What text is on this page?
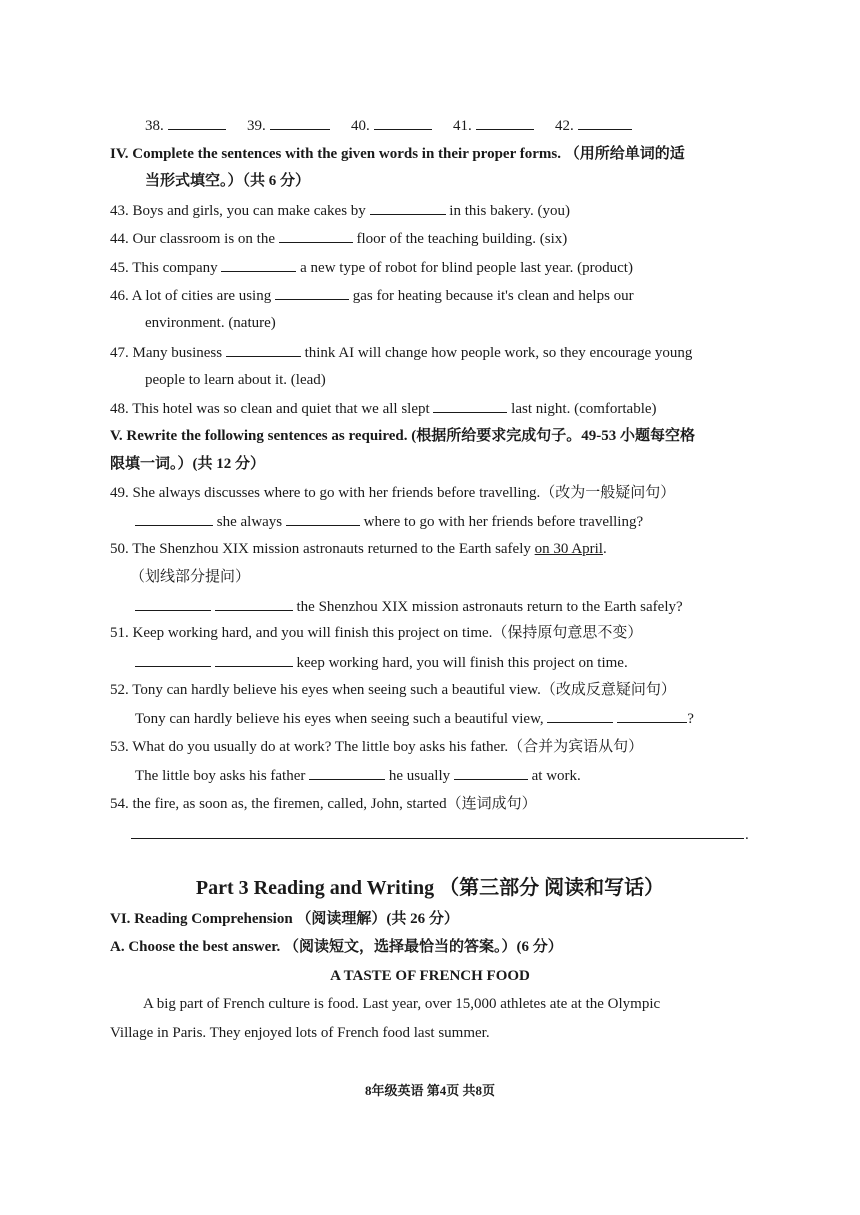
38.	39.	40.	41.	42.
IV. Complete the sentences with the given words in their proper forms. （用所给单词的适
当形式填空。）（共 6 分）
43. Boys and girls, you can make cakes by	in this bakery. (you)
44. Our classroom is on the	floor of the teaching building. (six)
45. This company	a new type of robot for blind people last year. (product)
46. A lot of cities are using	gas for heating because it's clean and helps our
environment. (nature)
47. Many business	think AI will change how people work, so they encourage young
people to learn about it. (lead)
48. This hotel was so clean and quiet that we all slept	last night. (comfortable)
V. Rewrite the following sentences as required. (根据所给要求完成句子。49-53 小题每空格
限填一词。）(共 12 分）
49. She always discusses where to go with her friends before travelling.（改为一般疑问句）
she always	where to go with her friends before travelling?
50. The Shenzhou XIX mission astronauts returned to the Earth safely on 30 April.
（划线部分提问）
the Shenzhou XIX mission astronauts return to the Earth safely?
51. Keep working hard, and you will finish this project on time.（保持原句意思不变）
keep working hard, you will finish this project on time.
52. Tony can hardly believe his eyes when seeing such a beautiful view.（改成反意疑问句）
Tony can hardly believe his eyes when seeing such a beautiful view,	?
53. What do you usually do at work? The little boy asks his father.（合并为宾语从句）
The little boy asks his father	he usually	at work.
54. the fire, as soon as, the firemen, called, John, started（连词成句）
.
Part 3 Reading and Writing （第三部分 阅读和写话）
VI. Reading Comprehension （阅读理解）(共 26 分）
A. Choose the best answer. （阅读短文，选择最恰当的答案。）(6 分）
A TASTE OF FRENCH FOOD
A big part of French culture is food. Last year, over 15,000 athletes ate at the Olympic
Village in Paris. They enjoyed lots of French food last summer.
8年级英语 第4页 共8页
